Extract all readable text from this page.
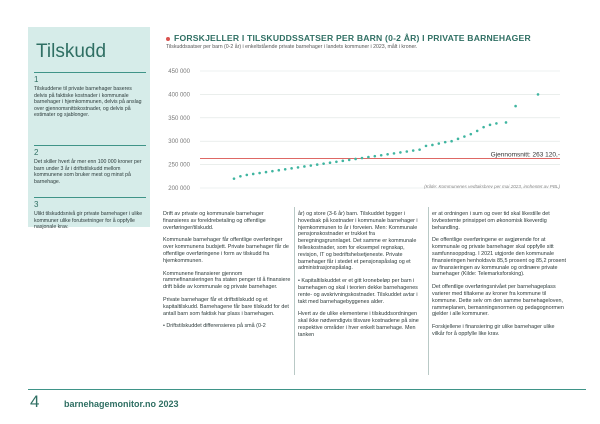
Tilskudd
1
Tilskuddene til private barnehager baseres delvis på faktiske kostnader i kommunale barnehager i hjemkommunen, delvis på anslag over gjennomsnittskostnader, og delvis på estimater og sjablonger.
2
Det skiller hvert år mer enn 100 000 kroner per barn under 3 år i driftstilskudd mellom kommunene som bruker mest og minst på barnehage.
3
Ulikt tilskuddsnivå gir private barnehager i ulike kommuner ulike forutsetninger for å oppfylle nasjonale krav.
FORSKJELLER I TILSKUDDSSATSER PER BARN (0-2 ÅR) I PRIVATE BARNEHAGER
Tilskuddssatser per barn (0-2 år) i enkeltstående private barnehager i landets kommuner i 2023, målt i kroner.
450 000
400 000
350 000
300 000
250 000
200 000
Gjennomsnitt: 263 120,-
(Kilde: Kommunenes vedtaksbrev per mai 2023, innhentet av PBL)

Drift av private og kommunale barnehager finansieres av foreldrebetaling og offentlige overføringer/tilskudd.

Kommunale barnehager får offentlige overføringer over kommunens budsjett. Private barnehager får de offentlige overføringene i form av tilskudd fra hjemkommunen.

Kommunene finansierer gjennom rammefinansieringen fra staten penger til å finansiere drift både av kommunale og private barnehager.

Private barnehager får et driftstilskudd og et kapitaltilskudd. Barnehagene får bare tilskudd for det antall barn som faktisk har plass i barnehagen.

• Driftstilskuddet differensieres på små (0-2

år) og store (3-6 år) barn. Tilskuddet bygger i hovedsak på kostnader i kommunale barnehager i hjemkommunen to år i forveien. Men: Kommunale pensjonskostnader er trukket fra beregningsgrunnlaget. Det samme er kommunale felleskostnader, som for eksempel regnskap, revisjon, IT og bedriftshelsetjeneste. Private barnehager får i stedet et pensjonspåslag og et administrasjonspåslag.

• Kapitaltilskuddet er et gitt kronebeløp per barn i barnehagen og skal i teorien dekke barnehagenes rente- og avskrivningskostnader. Tilskuddet avtar i takt med barnehagebyggenes alder.

Hvert av de ulike elementene i tilskuddsordningen skal ikke nødvendigvis tilsvare kostnadene på sine respektive områder i hver enkelt barnehage. Men tanken

er at ordningen i sum og over tid skal likestille det lovbestemte prinsippet om økonomisk likeverdig behandling.

De offentlige overføringene er avgjørende for at kommunale og private barnehager skal oppfylle sitt samfunnsoppdrag. I 2021 utgjorde den kommunale finansieringen henholdsvis 85,5 prosent og 85,2 prosent av finansieringen av kommunale og ordinære private barnehager (Kilde: Telemarksforsking).

Det offentlige overføringsnivået per barnehageplass varierer med tiltakene av kroner fra kommune til kommune. Dette selv om den samme barnehageloven, rammeplanen, bemanningsnormen og pedagognormen gjelder i alle kommuner.

Forskjellene i finansiering gir ulike barnehager ulike vilkår for å oppfylle like krav.

4	barnehagemonitor.no 2023
